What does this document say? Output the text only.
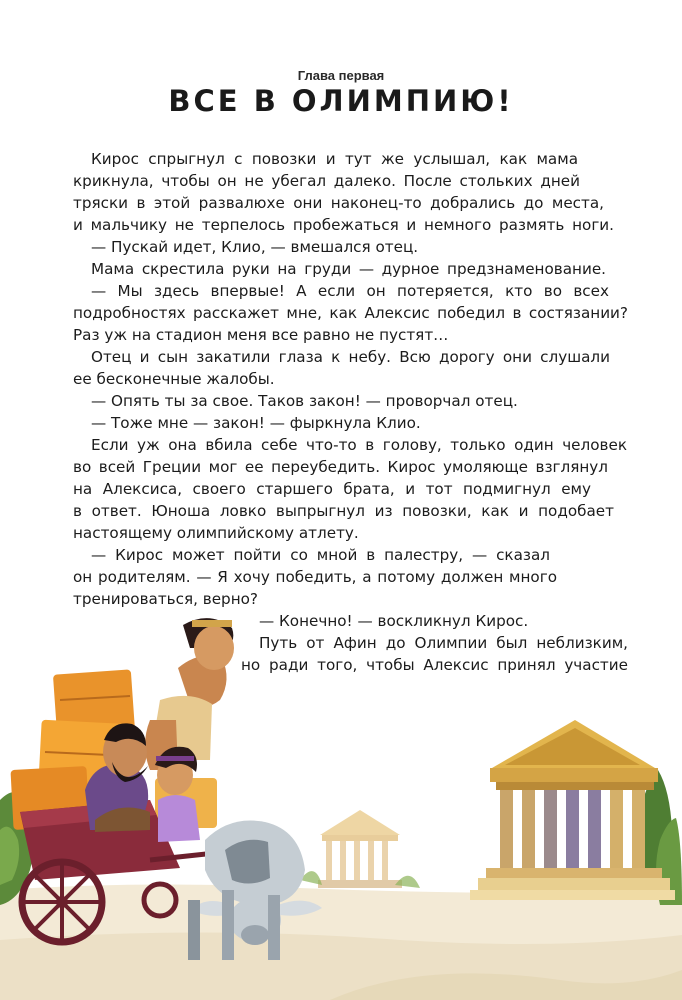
Глава первая
ВСЕ В ОЛИМПИЮ!
Кирос спрыгнул с повозки и тут же услышал, как мама
крикнула, чтобы он не убегал далеко. После стольких дней
тряски в этой развалюхе они наконец-то добрались до места,
и мальчику не терпелось пробежаться и немного размять ноги.
— Пускай идет, Клио, — вмешался отец.
Мама скрестила руки на груди — дурное предзнаменование.
— Мы здесь впервые! А если он потеряется, кто во всех
подробностях расскажет мне, как Алексис победил в состязании?
Раз уж на стадион меня все равно не пустят…
Отец и сын закатили глаза к небу. Всю дорогу они слушали
ее бесконечные жалобы.
— Опять ты за свое. Таков закон! — проворчал отец.
— Тоже мне — закон! — фыркнула Клио.
Если уж она вбила себе что-то в голову, только один человек
во всей Греции мог ее переубедить. Кирос умоляюще взглянул
на Алексиса, своего старшего брата, и тот подмигнул ему
в ответ. Юноша ловко выпрыгнул из повозки, как и подобает
настоящему олимпийскому атлету.
— Кирос может пойти со мной в палестру, — сказал
он родителям. — Я хочу победить, а потому должен много
тренироваться, верно?
— Конечно! — воскликнул Кирос.
Путь от Афин до Олимпии был неблизким,
но ради того, чтобы Алексис принял участие
